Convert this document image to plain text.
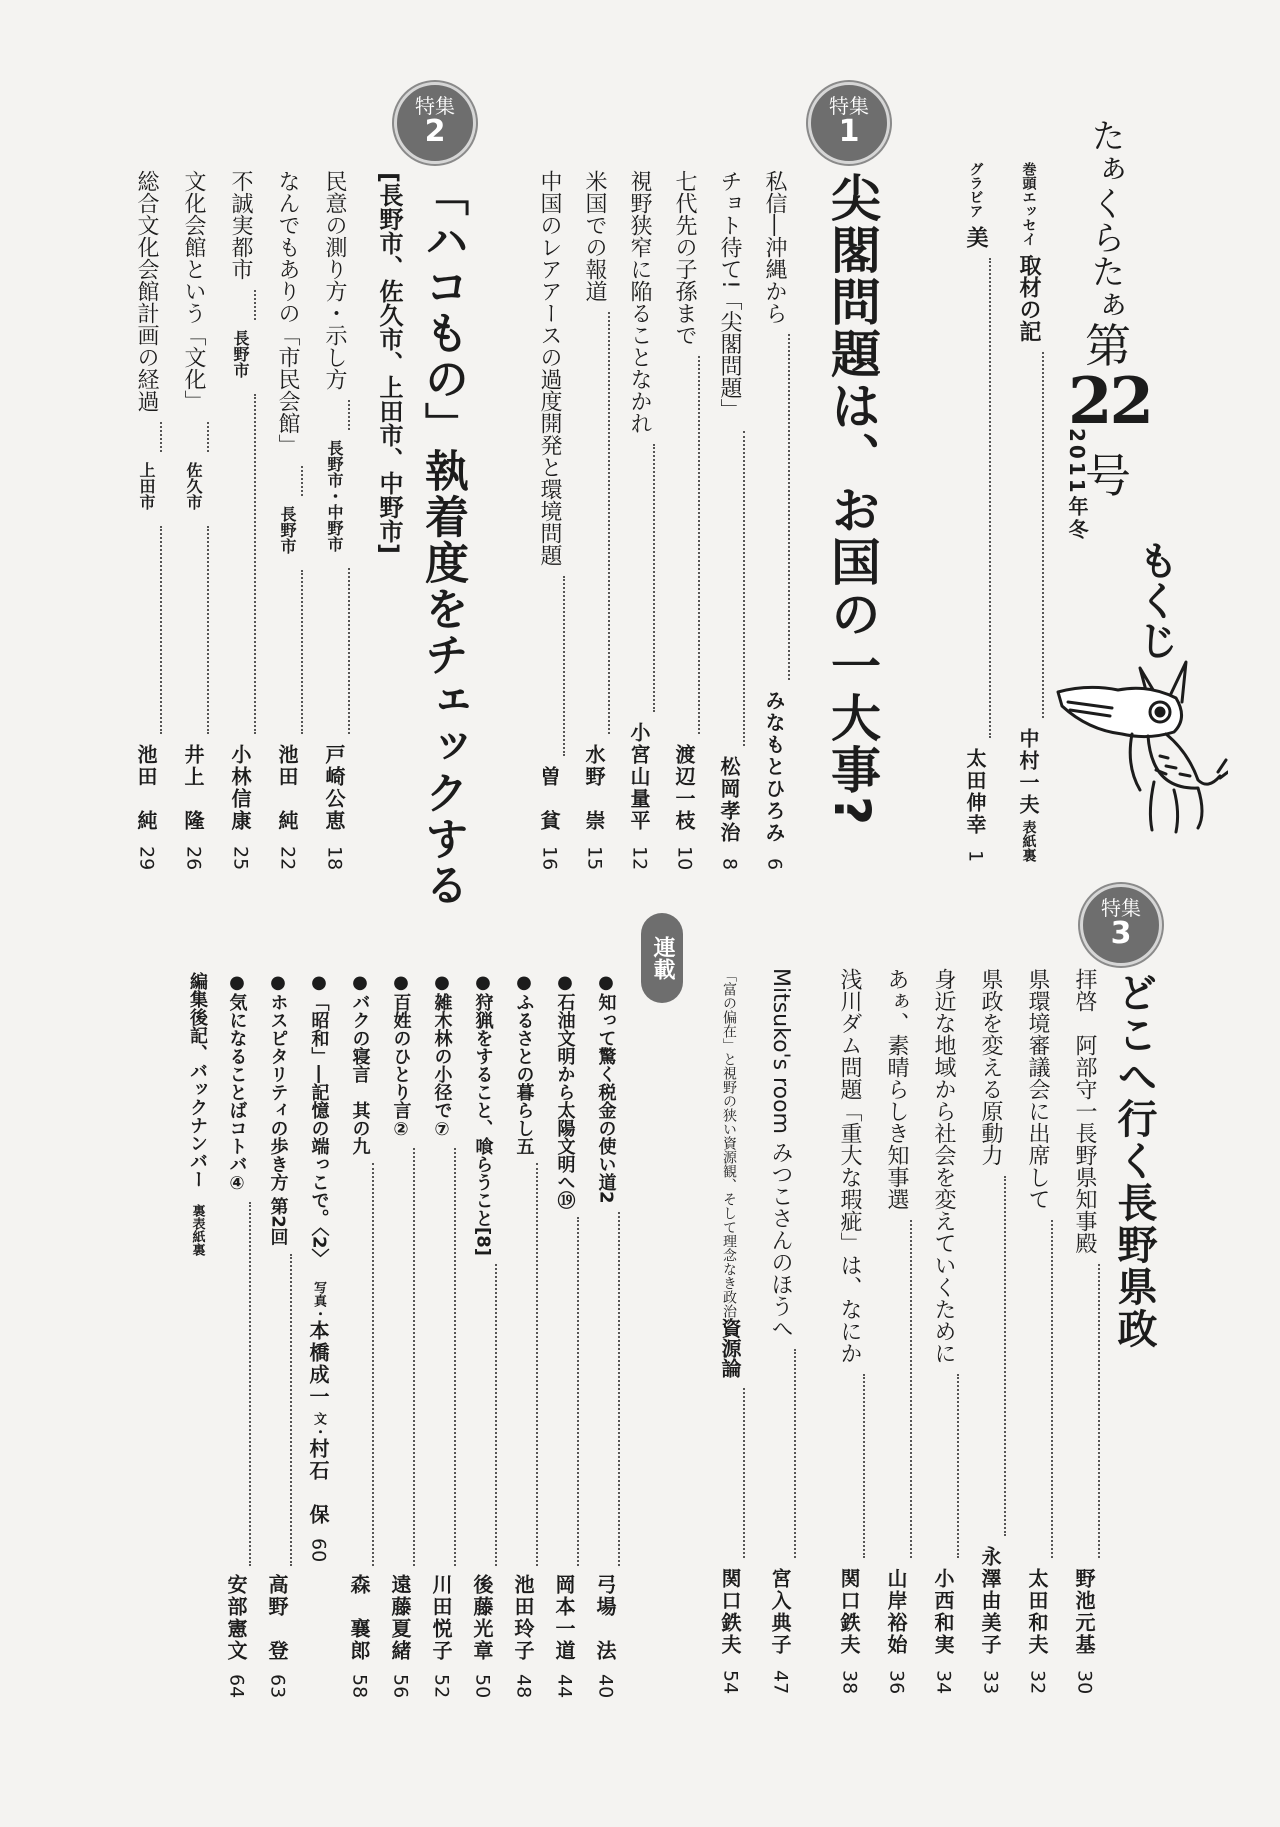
たぁくらたぁ
第
22
号
もくじ
2011年冬
巻頭エッセイ
取材の記
中村一夫
表紙裏
グラビア
美
太田伸幸
1
特集
1
尖閣問題は、お国の一大事?
私信―沖縄から
みなもとひろみ
6
チョト待て!「尖閣問題」
松岡孝治
8
七代先の子孫まで
渡辺一枝
10
視野狭窄に陥ることなかれ
小宮山量平
12
米国での報道
水野　崇
15
中国のレアアースの過度開発と環境問題
曽　貧
16
特集
2
「ハコもの」執着度をチェックする
[長野市、佐久市、上田市、中野市]
民意の測り方・示し方
長野市・中野市
戸崎公恵
18
なんでもありの「市民会館」
長野市
池田　純
22
不誠実都市
長野市
小林信康
25
文化会館という「文化」
佐久市
井上　隆
26
総合文化会館計画の経過
上田市
池田　純
29
特集
3
どこへ行く長野県政
拝啓　阿部守一長野県知事殿
野池元基
30
県環境審議会に出席して
太田和夫
32
県政を変える原動力
永澤由美子
33
身近な地域から社会を変えていくために
小西和実
34
あぁ、素晴らしき知事選
山岸裕始
36
浅川ダム問題「重大な瑕疵」は、なにか
関口鉄夫
38
Mitsuko's room みつこさんのほうへ
宮入典子
47
資源論
「富の偏在」と視野の狭い資源観、そして理念なき政治
関口鉄夫
54
連載
●知って驚く税金の使い道2
弓場　法
40
●石油文明から太陽文明へ⑲
岡本一道
44
●ふるさとの暮らし五
池田玲子
48
●狩猟をすること、喰らうこと[8]
後藤光章
50
●雑木林の小径で⑦
川田悦子
52
●百姓のひとり言②
遠藤夏緒
56
●バクの寝言　其の九
森　襄郎
58
●「昭和」―記憶の端っこで。〈2〉
写真・
本橋成一
文・
村石　保
60
●ホスピタリティの歩き方 第2回
高野　登
63
●気になることばコトバ④
安部憲文
64
編集後記、バックナンバー
裏表紙裏
